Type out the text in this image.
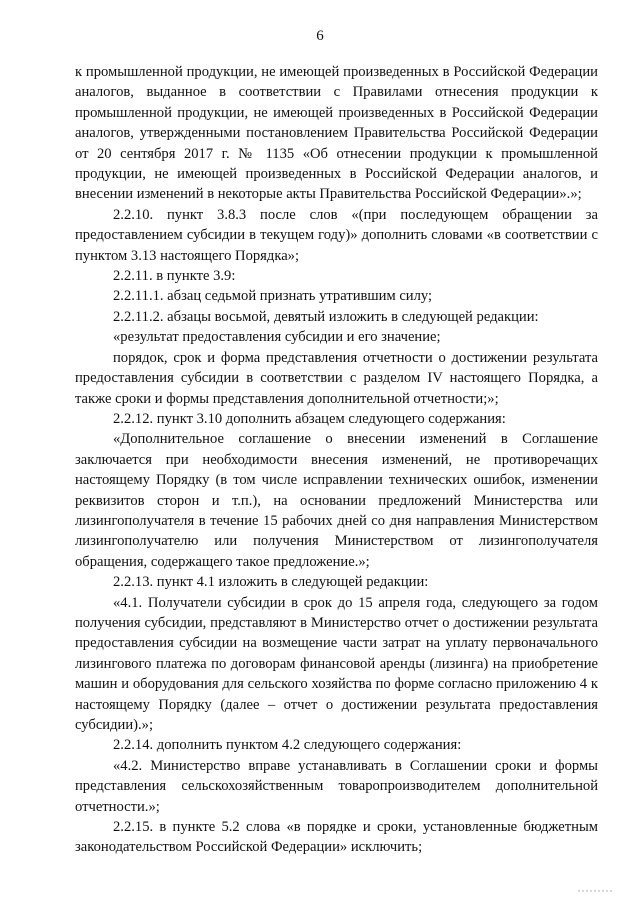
6

к промышленной продукции, не имеющей произведенных в Российской Федерации аналогов, выданное в соответствии с Правилами отнесения продукции к промышленной продукции, не имеющей произведенных в Российской Федерации аналогов, утвержденными постановлением Правительства Российской Федерации от 20 сентября 2017 г. № 1135 «Об отнесении продукции к промышленной продукции, не имеющей произведенных в Российской Федерации аналогов, и внесении изменений в некоторые акты Правительства Российской Федерации».»;

2.2.10. пункт 3.8.3 после слов «(при последующем обращении за предоставлением субсидии в текущем году)» дополнить словами «в соответствии с пунктом 3.13 настоящего Порядка»;

2.2.11. в пункте 3.9:

2.2.11.1. абзац седьмой признать утратившим силу;

2.2.11.2. абзацы восьмой, девятый изложить в следующей редакции:

«результат предоставления субсидии и его значение;

порядок, срок и форма представления отчетности о достижении результата предоставления субсидии в соответствии с разделом IV настоящего Порядка, а также сроки и формы представления дополнительной отчетности;»;

2.2.12. пункт 3.10 дополнить абзацем следующего содержания:

«Дополнительное соглашение о внесении изменений в Соглашение заключается при необходимости внесения изменений, не противоречащих настоящему Порядку (в том числе исправлении технических ошибок, изменении реквизитов сторон и т.п.), на основании предложений Министерства или лизингополучателя в течение 15 рабочих дней со дня направления Министерством лизингополучателю или получения Министерством от лизингополучателя обращения, содержащего такое предложение.»;

2.2.13. пункт 4.1 изложить в следующей редакции:

«4.1. Получатели субсидии в срок до 15 апреля года, следующего за годом получения субсидии, представляют в Министерство отчет о достижении результата предоставления субсидии на возмещение части затрат на уплату первоначального лизингового платежа по договорам финансовой аренды (лизинга) на приобретение машин и оборудования для сельского хозяйства по форме согласно приложению 4 к настоящему Порядку (далее – отчет о достижении результата предоставления субсидии).»;

2.2.14. дополнить пунктом 4.2 следующего содержания:

«4.2. Министерство вправе устанавливать в Соглашении сроки и формы представления сельскохозяйственным товаропроизводителем дополнительной отчетности.»;

2.2.15. в пункте 5.2 слова «в порядке и сроки, установленные бюджетным законодательством Российской Федерации» исключить;
